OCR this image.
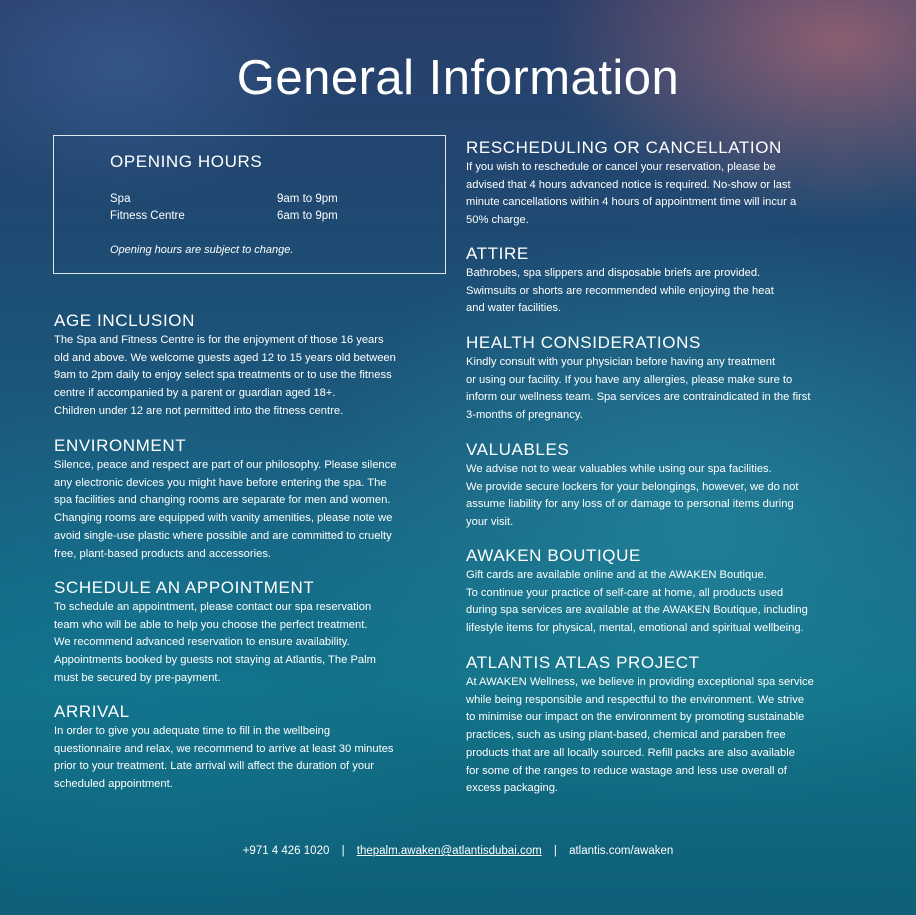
General Information
OPENING HOURS
Spa	9am to 9pm
Fitness Centre	6am to 9pm
Opening hours are subject to change.
AGE INCLUSION

The Spa and Fitness Centre is for the enjoyment of those 16 years
old and above. We welcome guests aged 12 to 15 years old between
9am to 2pm daily to enjoy select spa treatments or to use the fitness
centre if accompanied by a parent or guardian aged 18+.
Children under 12 are not permitted into the fitness centre.

ENVIRONMENT

Silence, peace and respect are part of our philosophy. Please silence
any electronic devices you might have before entering the spa. The
spa facilities and changing rooms are separate for men and women.
Changing rooms are equipped with vanity amenities, please note we
avoid single-use plastic where possible and are committed to cruelty
free, plant-based products and accessories.

SCHEDULE AN APPOINTMENT

To schedule an appointment, please contact our spa reservation
team who will be able to help you choose the perfect treatment.
We recommend advanced reservation to ensure availability.
Appointments booked by guests not staying at Atlantis, The Palm
must be secured by pre-payment.

ARRIVAL

In order to give you adequate time to fill in the wellbeing
questionnaire and relax, we recommend to arrive at least 30 minutes
prior to your treatment. Late arrival will affect the duration of your
scheduled appointment.

RESCHEDULING OR CANCELLATION

If you wish to reschedule or cancel your reservation, please be
advised that 4 hours advanced notice is required. No-show or last
minute cancellations within 4 hours of appointment time will incur a
50% charge.

ATTIRE

Bathrobes, spa slippers and disposable briefs are provided.
Swimsuits or shorts are recommended while enjoying the heat
and water facilities.

HEALTH CONSIDERATIONS

Kindly consult with your physician before having any treatment
or using our facility. If you have any allergies, please make sure to
inform our wellness team. Spa services are contraindicated in the first
3-months of pregnancy.

VALUABLES

We advise not to wear valuables while using our spa facilities.
We provide secure lockers for your belongings, however, we do not
assume liability for any loss of or damage to personal items during
your visit.

AWAKEN BOUTIQUE

Gift cards are available online and at the AWAKEN Boutique.
To continue your practice of self-care at home, all products used
during spa services are available at the AWAKEN Boutique, including
lifestyle items for physical, mental, emotional and spiritual wellbeing.

ATLANTIS ATLAS PROJECT

At AWAKEN Wellness, we believe in providing exceptional spa service
while being responsible and respectful to the environment. We strive
to minimise our impact on the environment by promoting sustainable
practices, such as using plant-based, chemical and paraben free
products that are all locally sourced. Refill packs are also available
for some of the ranges to reduce wastage and less use overall of
excess packaging.

+971 4 426 1020 | thepalm.awaken@atlantisdubai.com | atlantis.com/awaken
